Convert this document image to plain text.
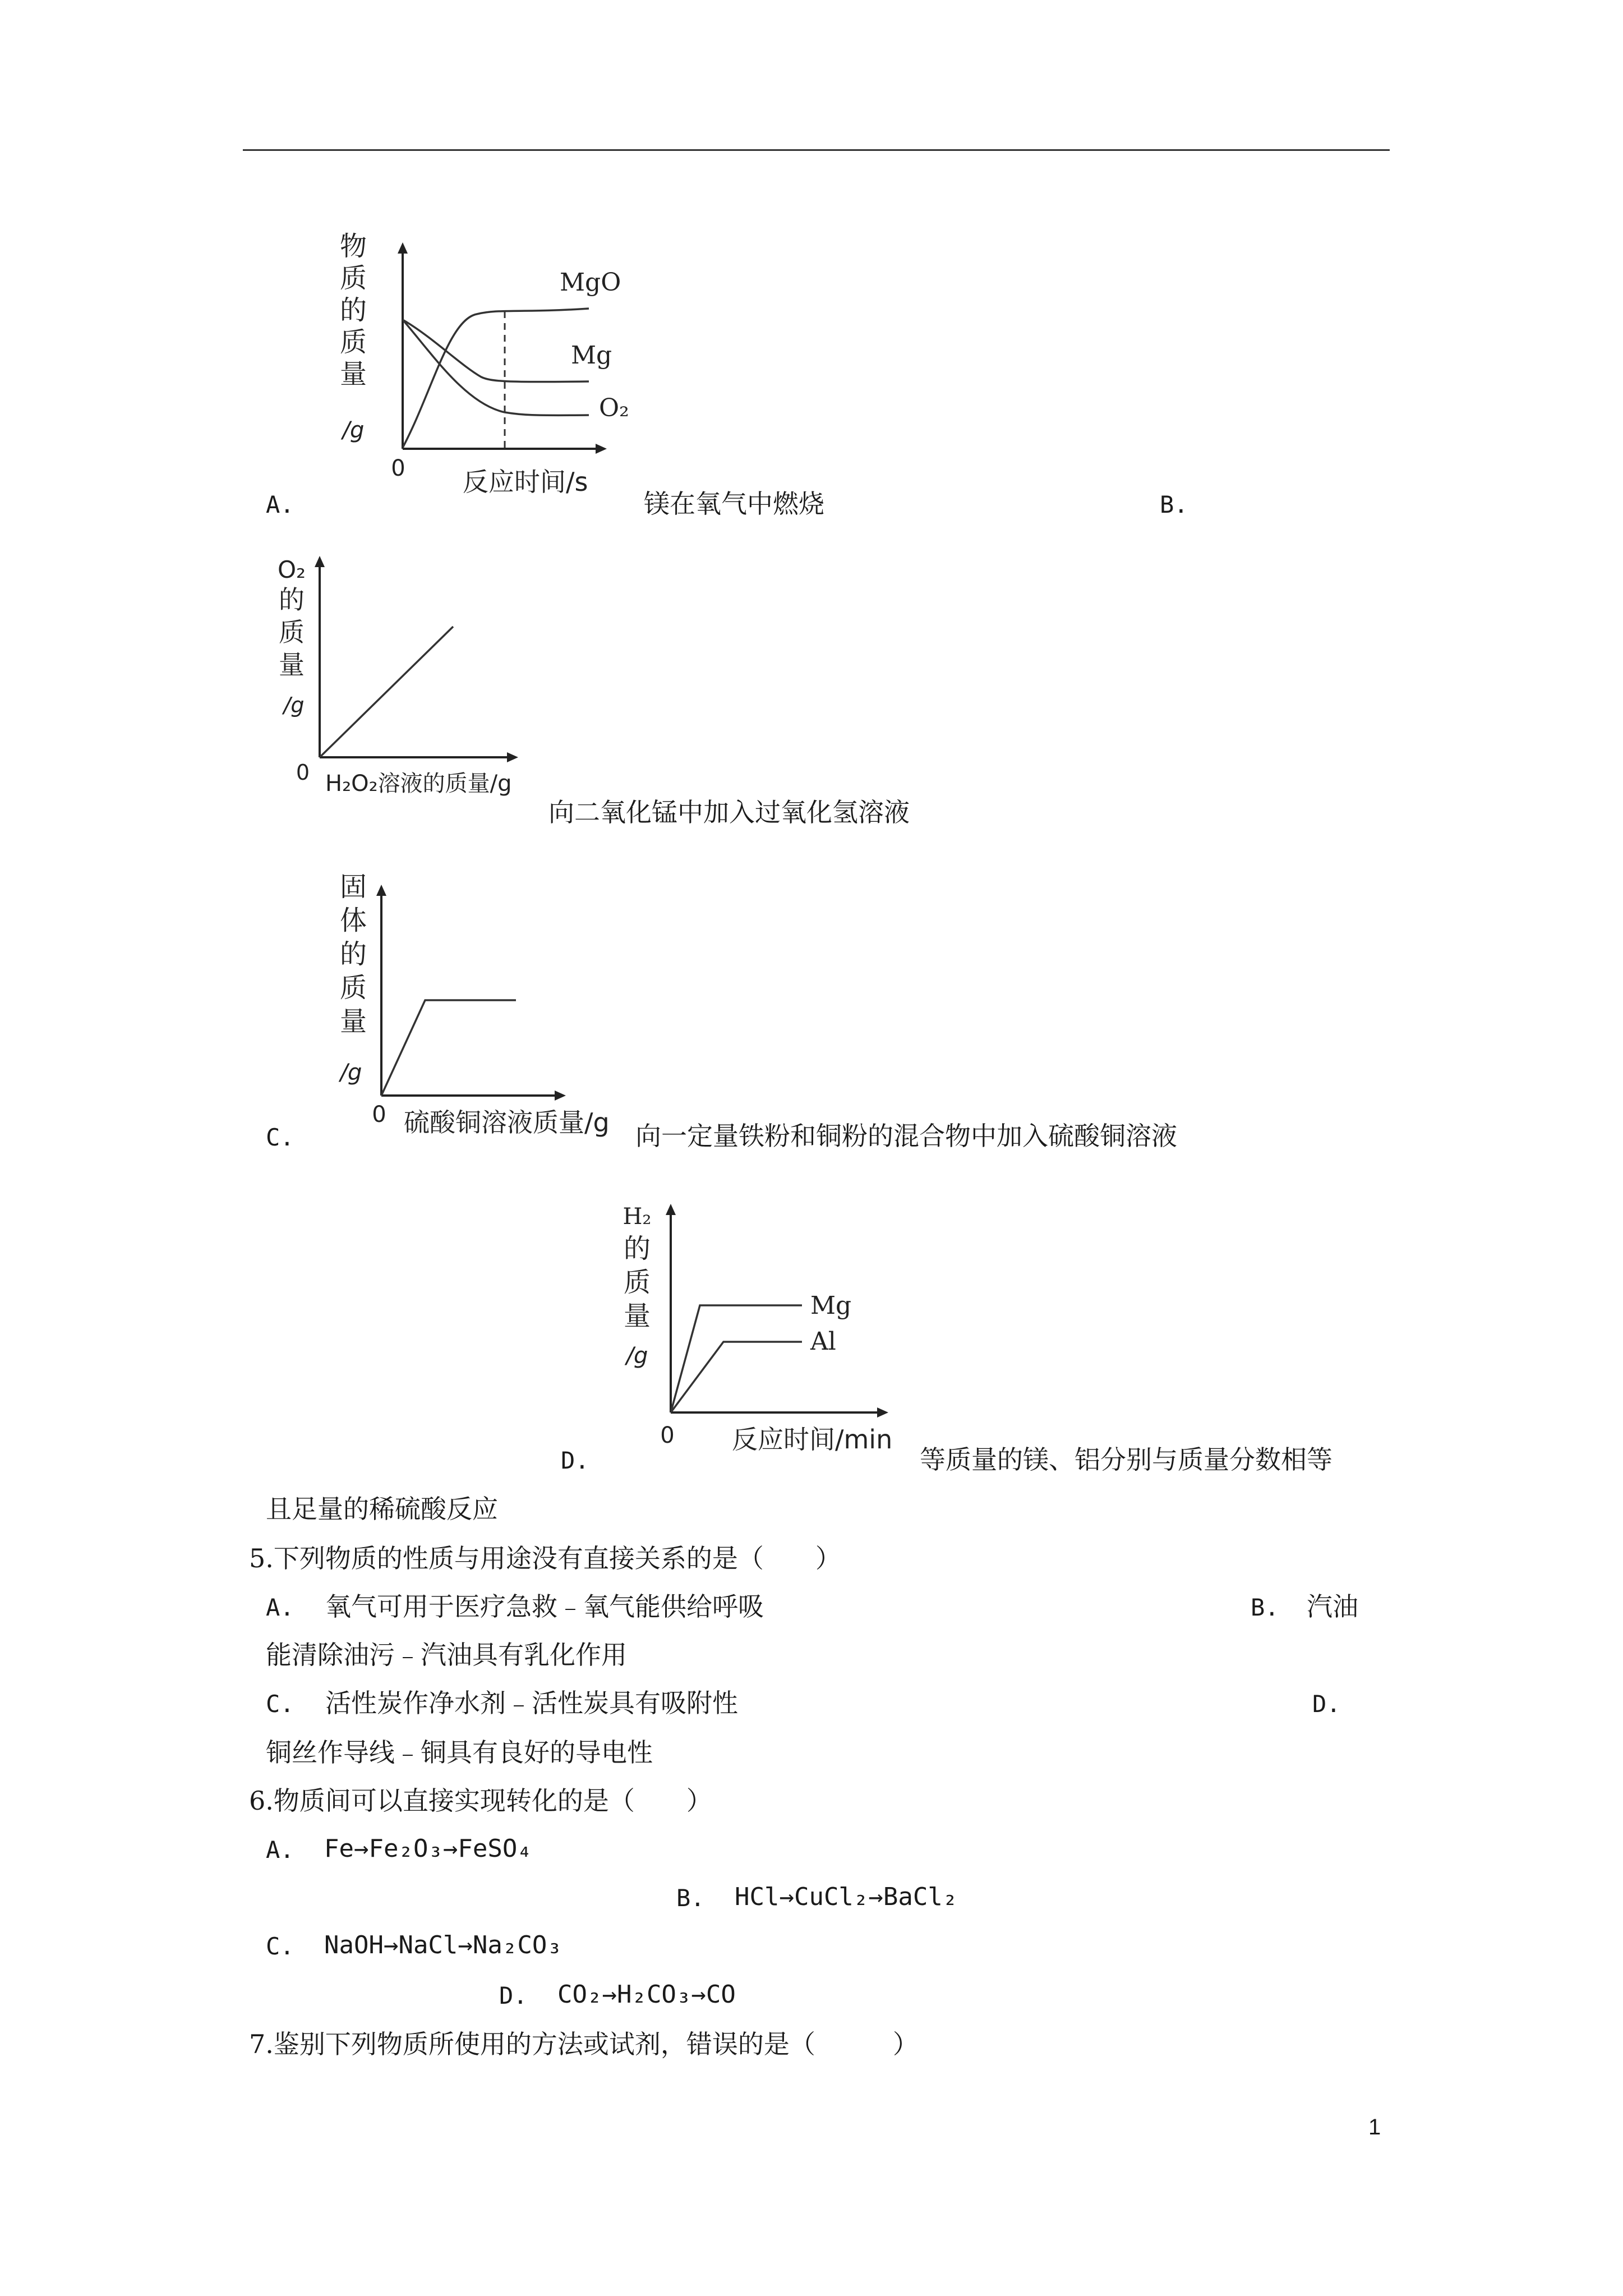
物
质
的
质
量
/g
0
MgO
Mg
O₂
反应时间/s
A.	镁在氧气中燃烧	B.
O₂
的
质
量
/g
0 H₂O₂溶液的质量/g
向二氧化锰中加入过氧化氢溶液
固
体
的
质
量
/g
0 硫酸铜溶液质量/g
C.	向一定量铁粉和铜粉的混合物中加入硫酸铜溶液
H₂
的
质
量
/g
0
Mg
Al
反应时间/min
D.	等质量的镁、铝分别与质量分数相等
且足量的稀硫酸反应
5.下列物质的性质与用途没有直接关系的是（　　）
A. 氧气可用于医疗急救﹣氧气能供给呼吸	B. 汽油
能清除油污﹣汽油具有乳化作用
C. 活性炭作净水剂﹣活性炭具有吸附性	D.
铜丝作导线﹣铜具有良好的导电性
6.物质间可以直接实现转化的是（　　）
A. Fe→Fe₂O₃→FeSO₄
B. HCl→CuCl₂→BaCl₂
C. NaOH→NaCl→Na₂CO₃
D. CO₂→H₂CO₃→CO
7.鉴别下列物质所使用的方法或试剂，错误的是（　　　）
1
